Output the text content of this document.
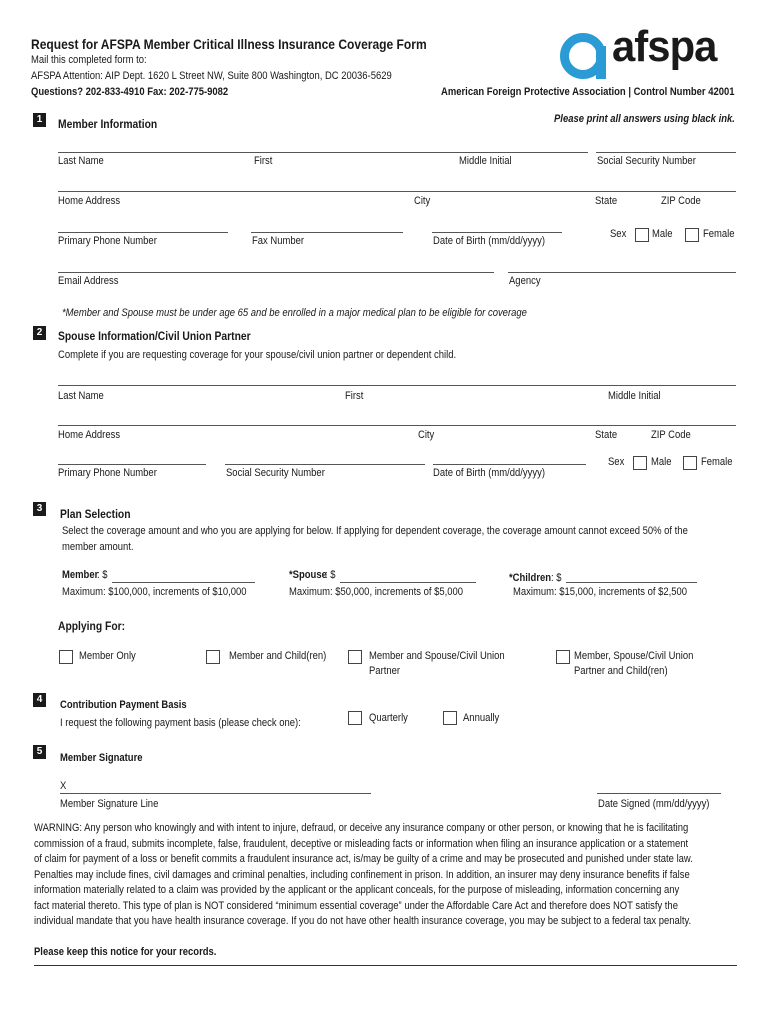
Request for AFSPA Member Critical Illness Insurance Coverage Form
Mail this completed form to:
AFSPA Attention: AIP Dept. 1620 L Street NW, Suite 800 Washington, DC 20036-5629
Questions? 202-833-4910 Fax: 202-775-9082	American Foreign Protective Association | Control Number 42001
afspa
1	Member Information	Please print all answers using black ink.
Last Name	First	Middle Initial	Social Security Number
Home Address	City	State	ZIP Code
Primary Phone Number	Fax Number	Date of Birth (mm/dd/yyyy)
Sex Male	Female
Email Address	Agency
*Member and Spouse must be under age 65 and be enrolled in a major medical plan to be eligible for coverage
2	Spouse Information/Civil Union Partner
Complete if you are requesting coverage for your spouse/civil union partner or dependent child.
Last Name	First	Middle Initial
Home Address	City	State	ZIP Code
Primary Phone Number	Social Security Number	Date of Birth (mm/dd/yyyy)
Sex Male	Female
3	Plan Selection
Select the coverage amount and who you are applying for below. If applying for dependent coverage, the coverage amount cannot exceed 50% of the
member amount.
Member
: $
Maximum: $100,000, increments of $10,000
*Spouse
: $
Maximum: $50,000, increments of $5,000
*Children : $
Maximum: $15,000, increments of $2,500
Applying For:
Member Only	Member and Child(ren)	Member and Spouse/Civil Union
Partner
Member, Spouse/Civil Union
Partner and Child(ren)
4	Contribution Payment Basis
I request the following payment basis (please check one):	Quarterly	Annually
5
Member Signature
X
Member Signature Line	Date Signed (mm/dd/yyyy)
WARNING: Any person who knowingly and with intent to injure, defraud, or deceive any insurance company or other person, or knowing that he is facilitating
commission of a fraud, submits incomplete, false, fraudulent, deceptive or misleading facts or information when filing an insurance application or a statement
of claim for payment of a loss or benefit commits a fraudulent insurance act, is/may be guilty of a crime and may be prosecuted and punished under state law.
Penalties may include fines, civil damages and criminal penalties, including confinement in prison. In addition, an insurer may deny insurance benefits if false
information materially related to a claim was provided by the applicant or the applicant conceals, for the purpose of misleading, information concerning any
fact material thereto. This type of plan is NOT considered “minimum essential coverage” under the Affordable Care Act and therefore does NOT satisfy the
individual mandate that you have health insurance coverage. If you do not have other health insurance coverage, you may be subject to a federal tax penalty.
Please keep this notice for your records.
